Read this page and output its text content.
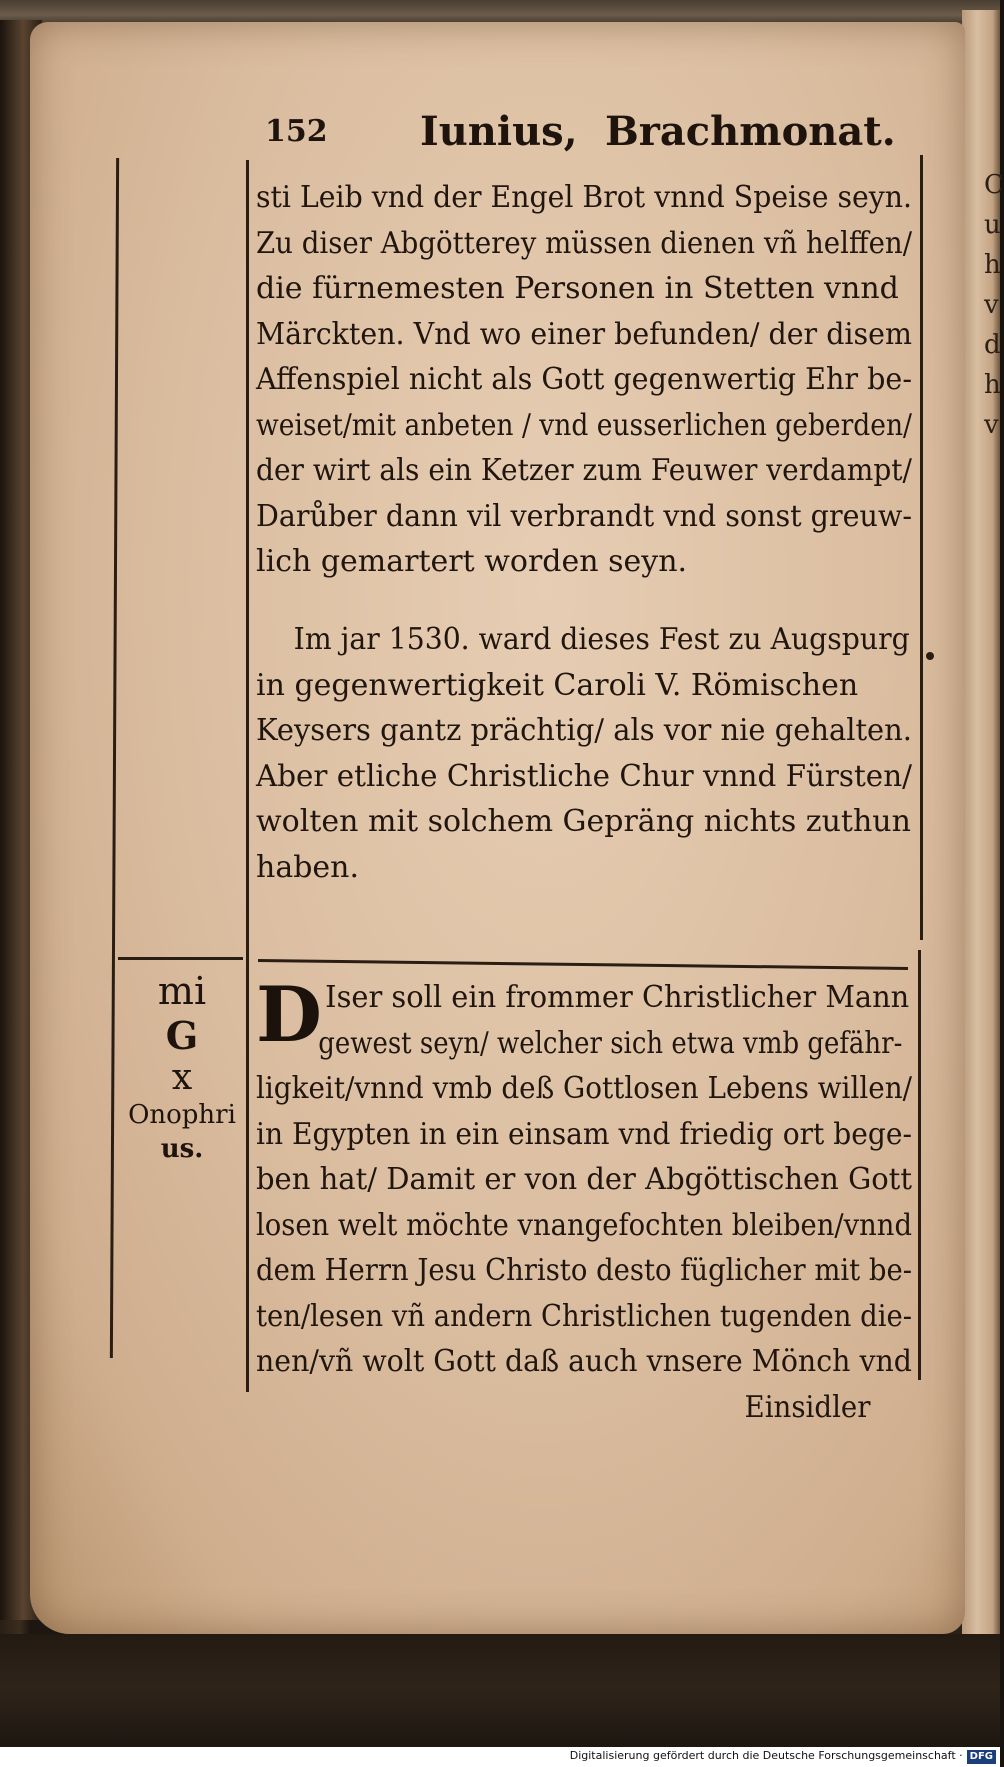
C
u
h
v
d
h
v
152 Iunius, Brachmonat.
sti Leib vnd der Engel Brot vnnd Speise seyn.
Zu diser Abgötterey müssen dienen vñ helffen/
die fürnemesten Personen in Stetten vnnd
Märckten. Vnd wo einer befunden/ der disem
Affenspiel nicht als Gott gegenwertig Ehr be-
weiset/mit anbeten / vnd eusserlichen geberden/
der wirt als ein Ketzer zum Feuwer verdampt/
Darůber dann vil verbrandt vnd sonst greuw-
lich gemartert worden seyn.
Im jar 1530. ward dieses Fest zu Augspurg
in gegenwertigkeit Caroli V. Römischen
Keysers gantz prächtig/ als vor nie gehalten.
Aber etliche Christliche Chur vnnd Fürsten/
wolten mit solchem Gepräng nichts zuthun
haben.
D Iser soll ein frommer Christlicher Mann
gewest seyn/ welcher sich etwa vmb gefähr-
ligkeit/vnnd vmb deß Gottlosen Lebens willen/
in Egypten in ein einsam vnd friedig ort bege-
ben hat/ Damit er von der Abgöttischen Gott
losen welt möchte vnangefochten bleiben/vnnd
dem Herrn Jesu Christo desto füglicher mit be-
ten/lesen vñ andern Christlichen tugenden die-
nen/vñ wolt Gott daß auch vnsere Mönch vnd
Einsidler
mi
G
x
Onophri
us.
Digitalisierung gefördert durch die Deutsche Forschungsgemeinschaft · DFG
